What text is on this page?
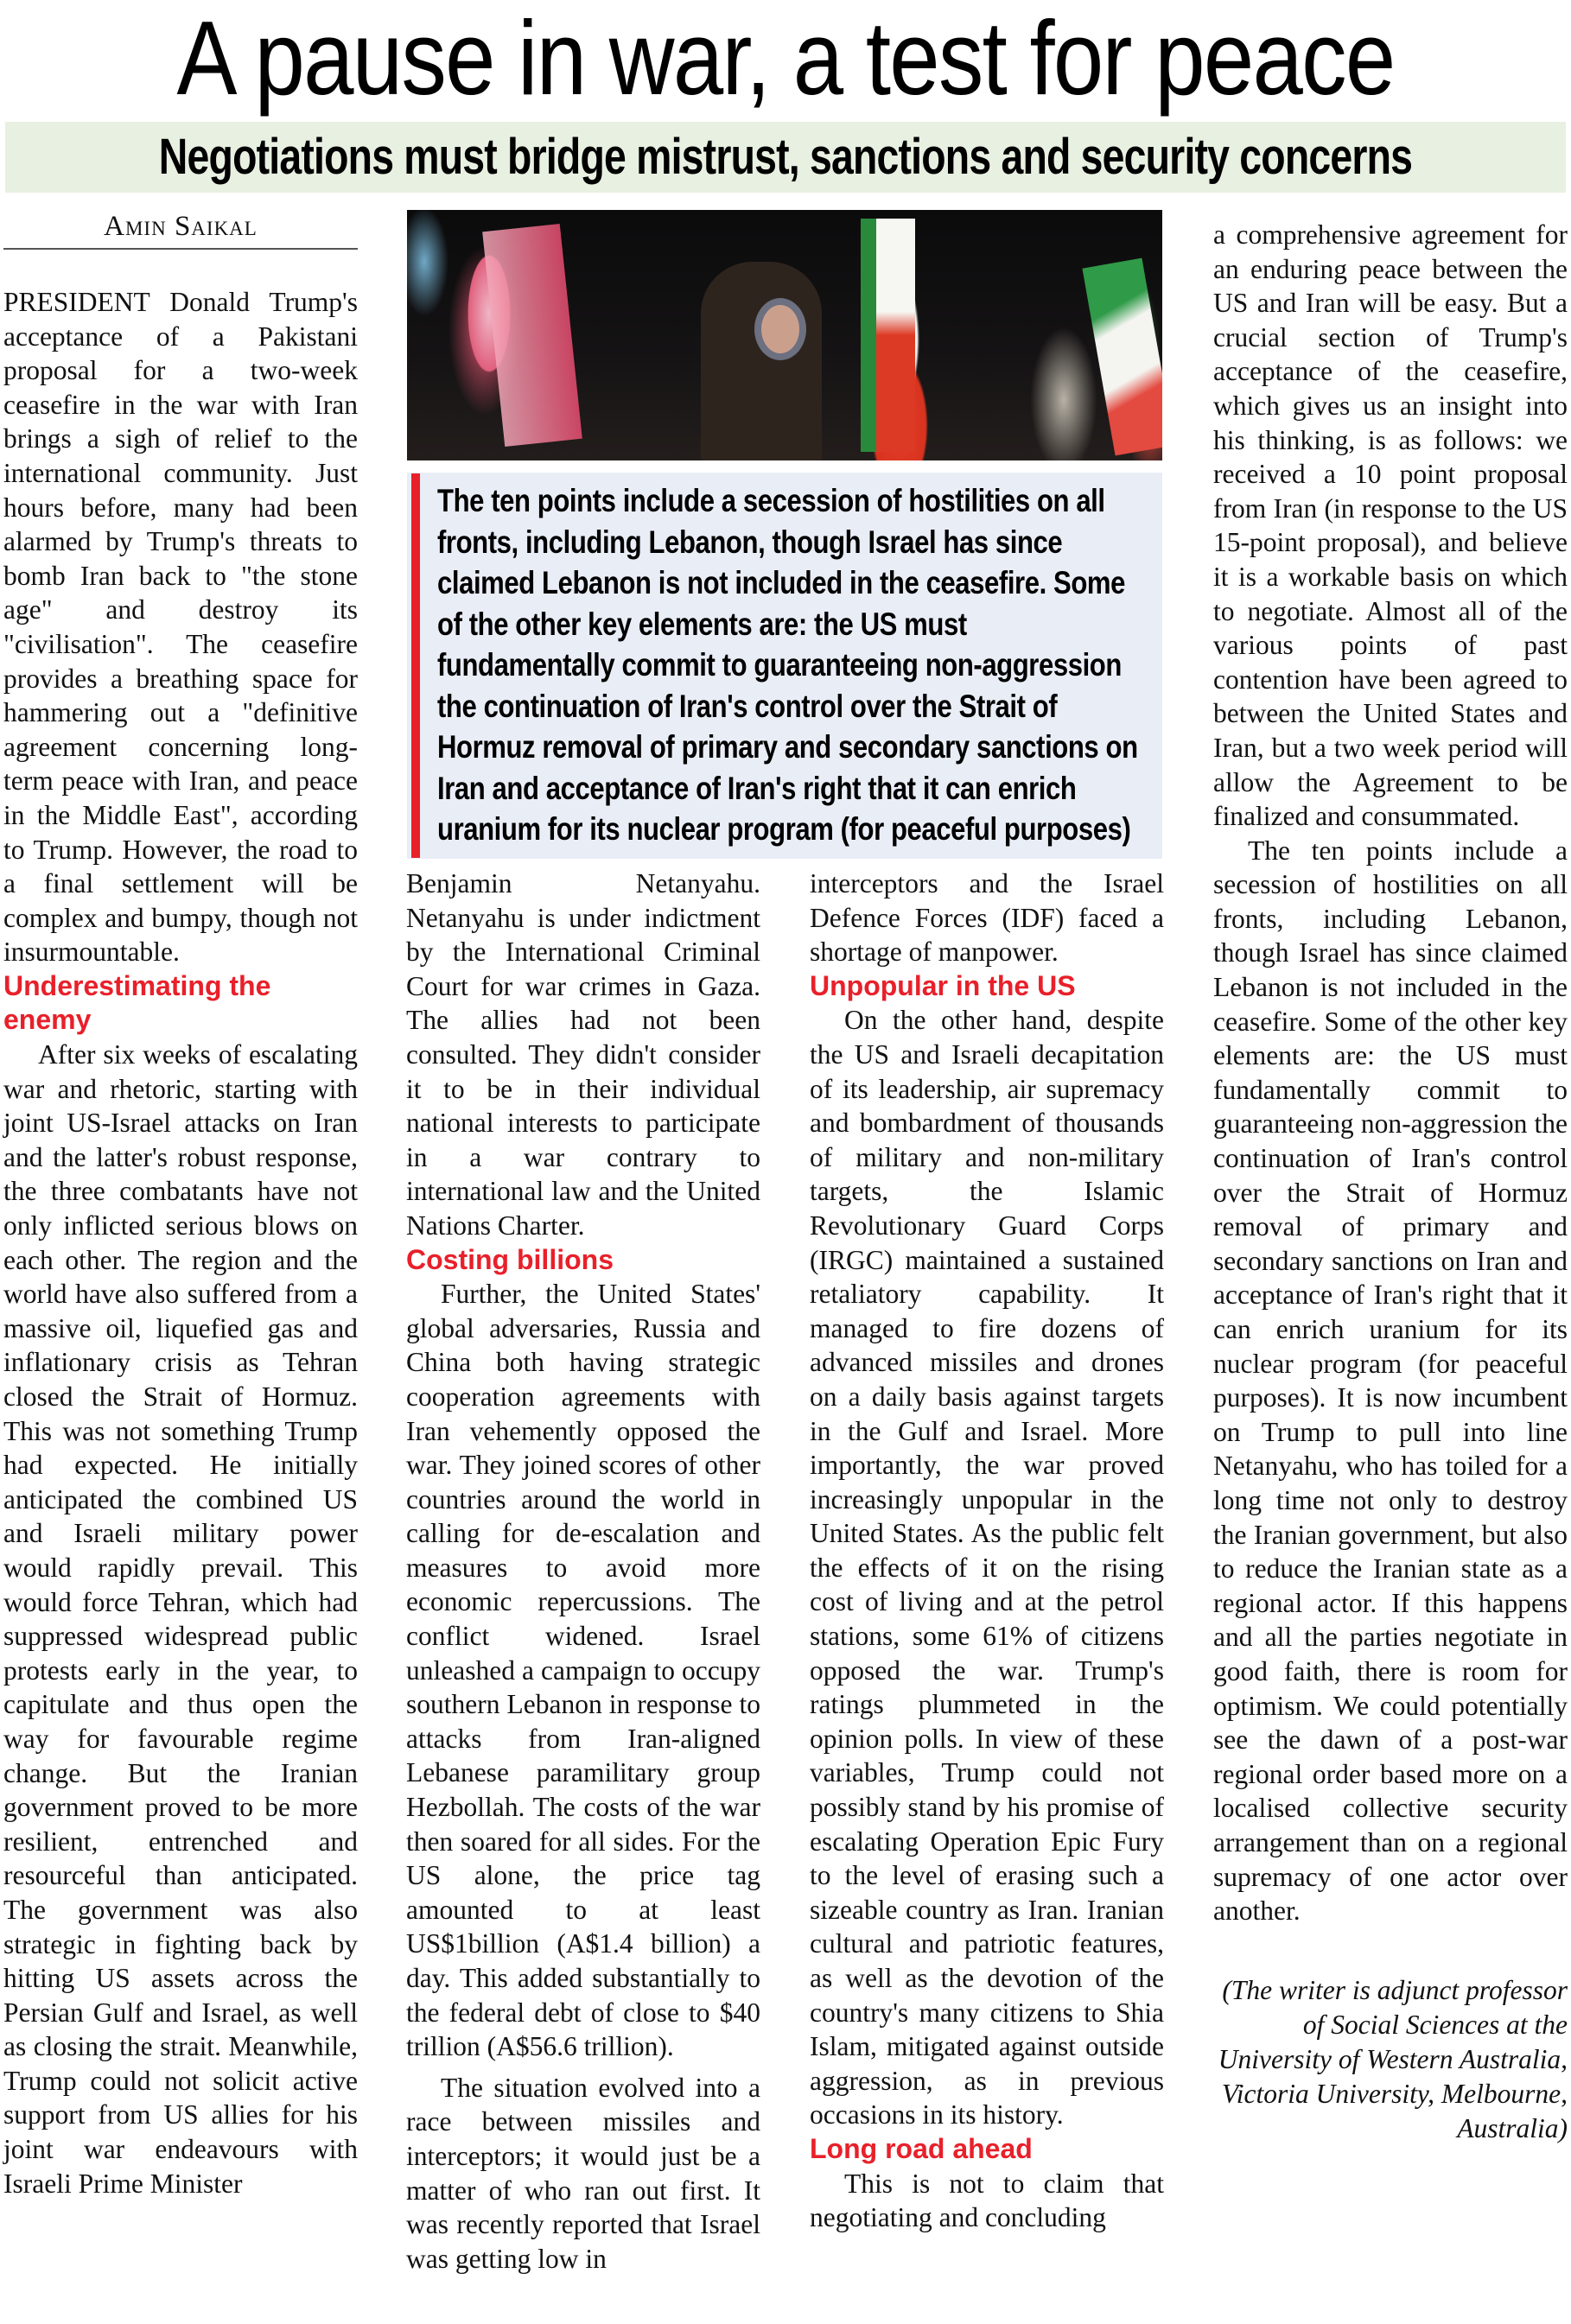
A pause in war, a test for peace
Negotiations must bridge mistrust, sanctions and security concerns
Amin Saikal

PRESIDENT Donald Trump's acceptance of a Pakistani proposal for a two-week ceasefire in the war with Iran brings a sigh of relief to the international community. Just hours before, many had been alarmed by Trump's threats to bomb Iran back to "the stone age" and destroy its "civilisation". The ceasefire provides a breathing space for hammering out a "definitive agreement concerning long-term peace with Iran, and peace in the Middle East", according to Trump. However, the road to a final settlement will be complex and bumpy, though not insurmountable.

Underestimating the enemy

After six weeks of escalating war and rhetoric, starting with joint US-Israel attacks on Iran and the latter's robust response, the three combatants have not only inflicted serious blows on each other. The region and the world have also suffered from a massive oil, liquefied gas and inflationary crisis as Tehran closed the Strait of Hormuz. This was not something Trump had expected. He initially anticipated the combined US and Israeli military power would rapidly prevail. This would force Tehran, which had suppressed widespread public protests early in the year, to capitulate and thus open the way for favourable regime change. But the Iranian government proved to be more resilient, entrenched and resourceful than anticipated. The government was also strategic in fighting back by hitting US assets across the Persian Gulf and Israel, as well as closing the strait. Meanwhile, Trump could not solicit active support from US allies for his joint war endeavours with Israeli Prime Minister

The ten points include a secession of hostilities on all fronts, including Lebanon, though Israel has since claimed Lebanon is not included in the ceasefire. Some of the other key elements are: the US must fundamentally commit to guaranteeing non-aggression the continuation of Iran's control over the Strait of Hormuz removal of primary and secondary sanctions on Iran and acceptance of Iran's right that it can enrich uranium for its nuclear program (for peaceful purposes)

Benjamin Netanyahu. Netanyahu is under indictment by the International Criminal Court for war crimes in Gaza. The allies had not been consulted. They didn't consider it to be in their individual national interests to participate in a war contrary to international law and the United Nations Charter.

Costing billions

Further, the United States' global adversaries, Russia and China both having strategic cooperation agreements with Iran vehemently opposed the war. They joined scores of other countries around the world in calling for de-escalation and measures to avoid more economic repercussions. The conflict widened. Israel unleashed a campaign to occupy southern Lebanon in response to attacks from Iran-aligned Lebanese paramilitary group Hezbollah. The costs of the war then soared for all sides. For the US alone, the price tag amounted to at least US$1billion (A$1.4 billion) a day. This added substantially to the federal debt of close to $40 trillion (A$56.6 trillion).

The situation evolved into a race between missiles and interceptors; it would just be a matter of who ran out first. It was recently reported that Israel was getting low in

interceptors and the Israel Defence Forces (IDF) faced a shortage of manpower.

Unpopular in the US

On the other hand, despite the US and Israeli decapitation of its leadership, air supremacy and bombardment of thousands of military and non-military targets, the Islamic Revolutionary Guard Corps (IRGC) maintained a sustained retaliatory capability. It managed to fire dozens of advanced missiles and drones on a daily basis against targets in the Gulf and Israel. More importantly, the war proved increasingly unpopular in the United States. As the public felt the effects of it on the rising cost of living and at the petrol stations, some 61% of citizens opposed the war. Trump's ratings plummeted in the opinion polls. In view of these variables, Trump could not possibly stand by his promise of escalating Operation Epic Fury to the level of erasing such a sizeable country as Iran. Iranian cultural and patriotic features, as well as the devotion of the country's many citizens to Shia Islam, mitigated against outside aggression, as in previous occasions in its history.

Long road ahead

This is not to claim that negotiating and concluding

a comprehensive agreement for an enduring peace between the US and Iran will be easy. But a crucial section of Trump's acceptance of the ceasefire, which gives us an insight into his thinking, is as follows: we received a 10 point proposal from Iran (in response to the US 15-point proposal), and believe it is a workable basis on which to negotiate. Almost all of the various points of past contention have been agreed to between the United States and Iran, but a two week period will allow the Agreement to be finalized and consummated.

The ten points include a secession of hostilities on all fronts, including Lebanon, though Israel has since claimed Lebanon is not included in the ceasefire. Some of the other key elements are: the US must fundamentally commit to guaranteeing non-aggression the continuation of Iran's control over the Strait of Hormuz removal of primary and secondary sanctions on Iran and acceptance of Iran's right that it can enrich uranium for its nuclear program (for peaceful purposes). It is now incumbent on Trump to pull into line Netanyahu, who has toiled for a long time not only to destroy the Iranian government, but also to reduce the Iranian state as a regional actor. If this happens and all the parties negotiate in good faith, there is room for optimism. We could potentially see the dawn of a post-war regional order based more on a localised collective security arrangement than on a regional supremacy of one actor over another.

(The writer is adjunct professor of Social Sciences at the University of Western Australia, Victoria University, Melbourne, Australia)
